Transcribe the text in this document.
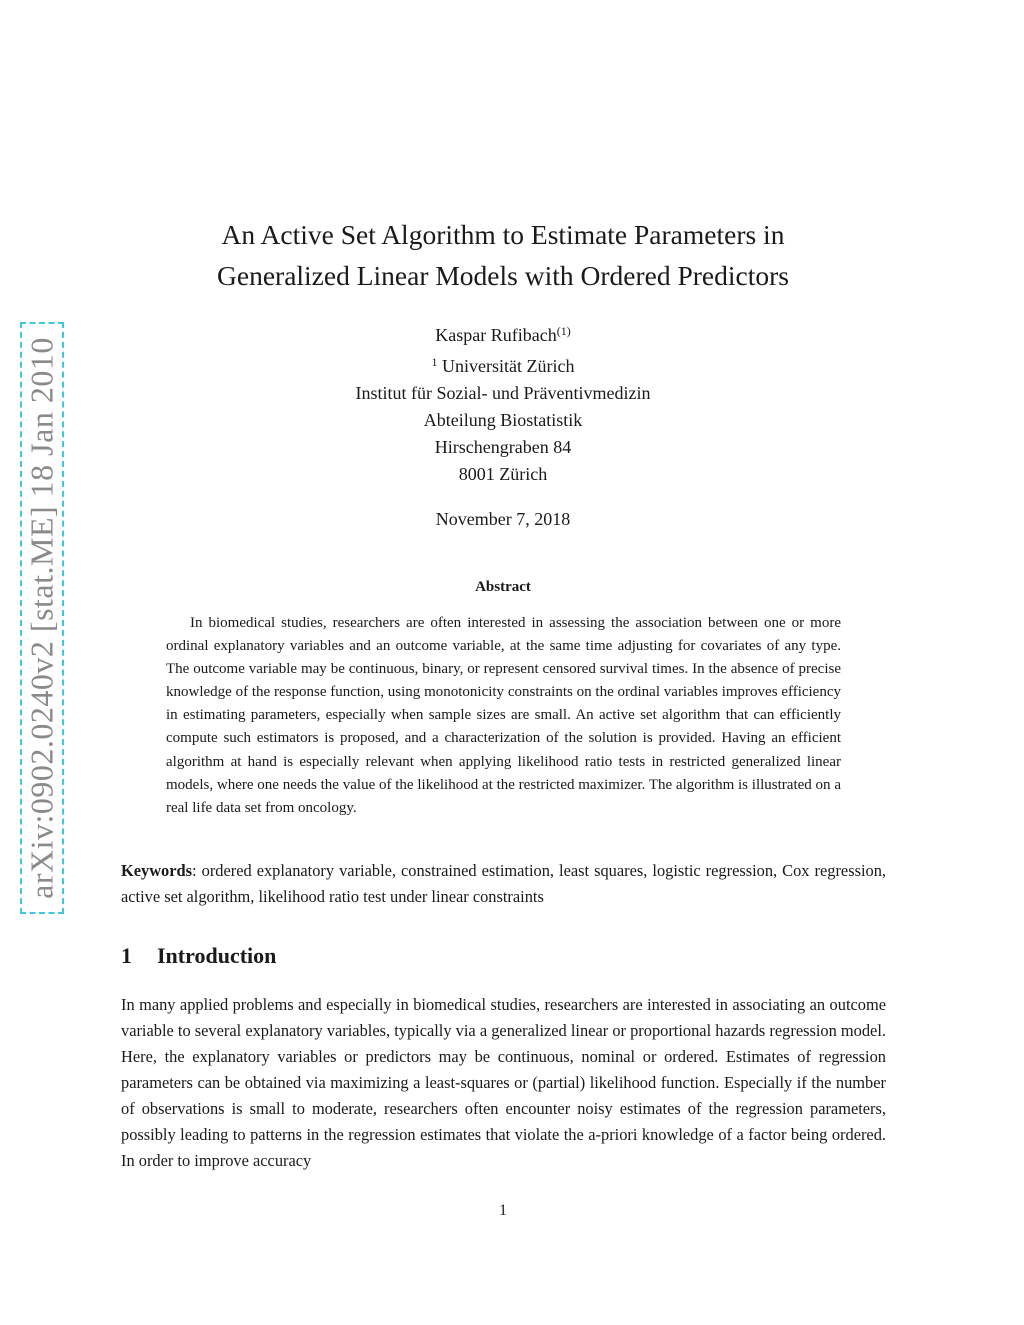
arXiv:0902.0240v2 [stat.ME] 18 Jan 2010
An Active Set Algorithm to Estimate Parameters in
Generalized Linear Models with Ordered Predictors
Kaspar Rufibach$^{(1)}$
$^1$ Universität Zürich
Institut für Sozial- und Präventivmedizin
Abteilung Biostatistik
Hirschengraben 84
8001 Zürich
November 7, 2018
Abstract

In biomedical studies, researchers are often interested in assessing the association between one or more ordinal explanatory variables and an outcome variable, at the same time adjusting for covariates of any type. The outcome variable may be continuous, binary, or represent censored survival times. In the absence of precise knowledge of the response function, using monotonicity constraints on the ordinal variables improves efficiency in estimating parameters, especially when sample sizes are small. An active set algorithm that can efficiently compute such estimators is proposed, and a characterization of the solution is provided. Having an efficient algorithm at hand is especially relevant when applying likelihood ratio tests in restricted generalized linear models, where one needs the value of the likelihood at the restricted maximizer. The algorithm is illustrated on a real life data set from oncology.

Keywords: ordered explanatory variable, constrained estimation, least squares, logistic regression, Cox regression, active set algorithm, likelihood ratio test under linear constraints

1 Introduction

In many applied problems and especially in biomedical studies, researchers are interested in associating an outcome variable to several explanatory variables, typically via a generalized linear or proportional hazards regression model. Here, the explanatory variables or predictors may be continuous, nominal or ordered. Estimates of regression parameters can be obtained via maximizing a least-squares or (partial) likelihood function. Especially if the number of observations is small to moderate, researchers often encounter noisy estimates of the regression parameters, possibly leading to patterns in the regression estimates that violate the a-priori knowledge of a factor being ordered. In order to improve accuracy

1
